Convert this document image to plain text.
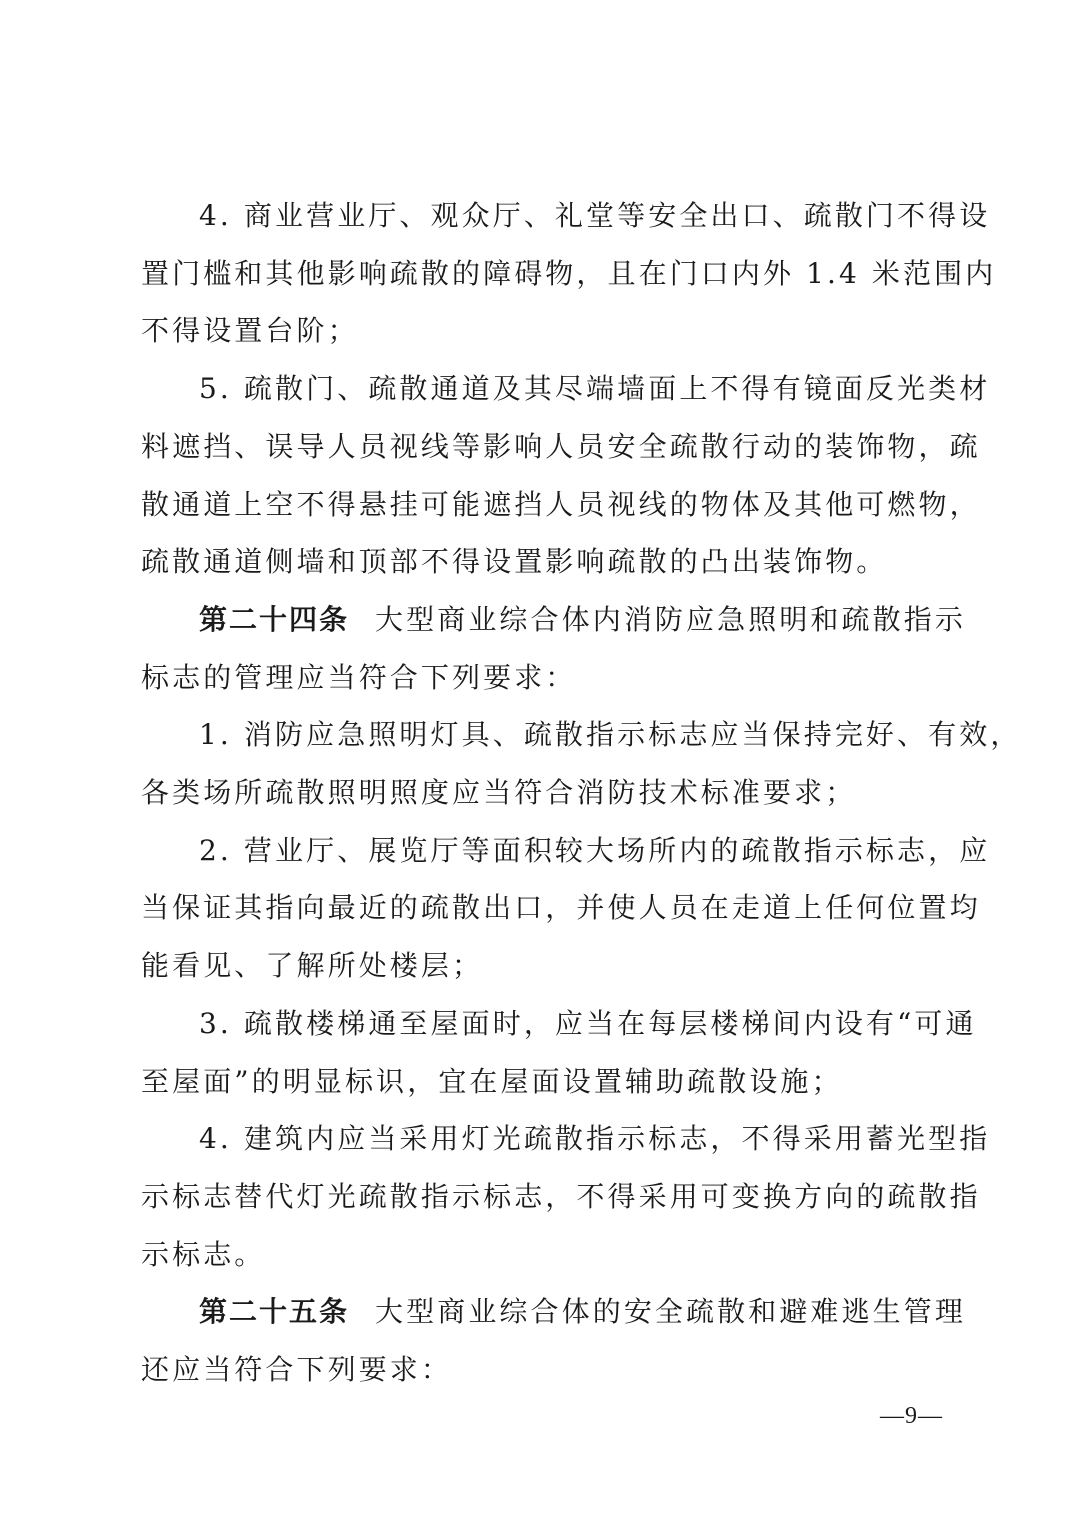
4. 商业营业厅、观众厅、礼堂等安全出口、疏散门不得设
置门槛和其他影响疏散的障碍物，且在门口内外 1.4 米范围内
不得设置台阶；

5. 疏散门、疏散通道及其尽端墙面上不得有镜面反光类材
料遮挡、误导人员视线等影响人员安全疏散行动的装饰物，疏
散通道上空不得悬挂可能遮挡人员视线的物体及其他可燃物，
疏散通道侧墙和顶部不得设置影响疏散的凸出装饰物。

第二十四条 大型商业综合体内消防应急照明和疏散指示
标志的管理应当符合下列要求：

1. 消防应急照明灯具、疏散指示标志应当保持完好、有效，
各类场所疏散照明照度应当符合消防技术标准要求；

2. 营业厅、展览厅等面积较大场所内的疏散指示标志，应
当保证其指向最近的疏散出口，并使人员在走道上任何位置均
能看见、了解所处楼层；

3. 疏散楼梯通至屋面时，应当在每层楼梯间内设有“可通
至屋面”的明显标识，宜在屋面设置辅助疏散设施；

4. 建筑内应当采用灯光疏散指示标志，不得采用蓄光型指
示标志替代灯光疏散指示标志，不得采用可变换方向的疏散指
示标志。

第二十五条 大型商业综合体的安全疏散和避难逃生管理
还应当符合下列要求：

—9—
